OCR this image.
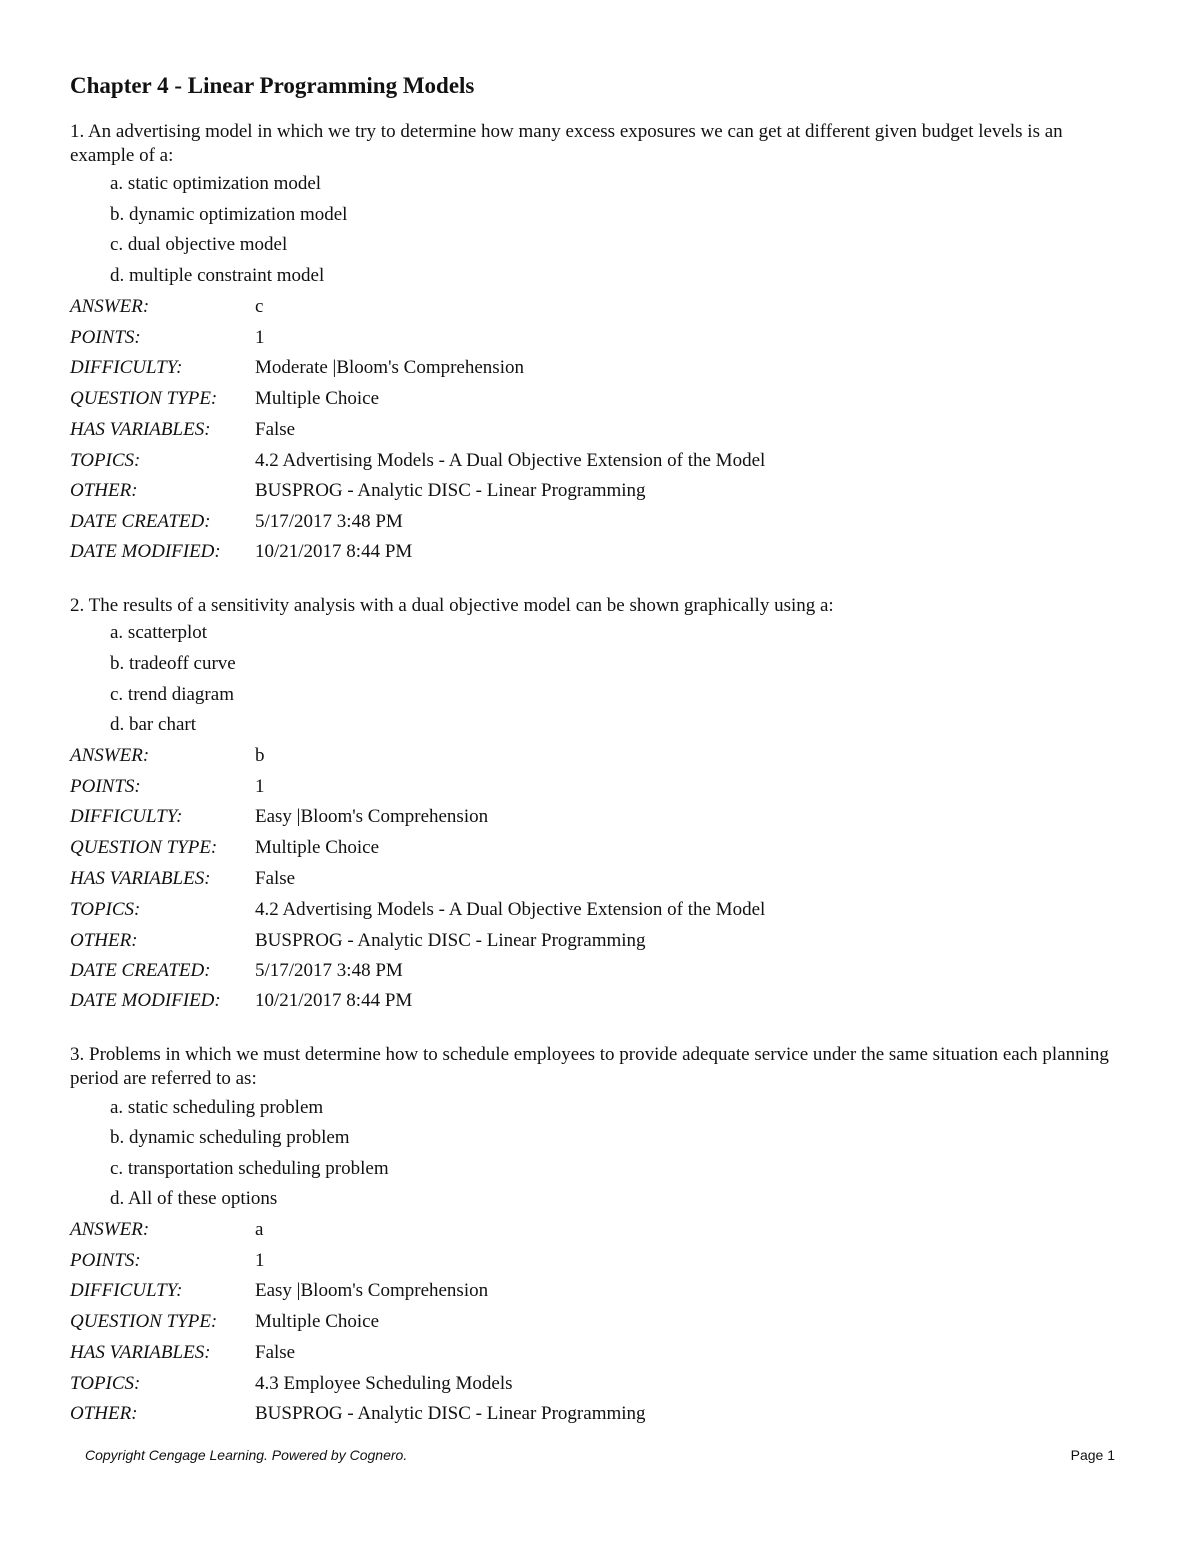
Chapter 4 - Linear Programming Models

1. An advertising model in which we try to determine how many excess exposures we can get at different given budget levels is an example of a:

a. static optimization model
b. dynamic optimization model
c. dual objective model
d. multiple constraint model
ANSWER:	c
POINTS:	1
DIFFICULTY:	Moderate |Bloom's Comprehension
QUESTION TYPE: Multiple Choice
HAS VARIABLES: False
TOPICS:	4.2 Advertising Models - A Dual Objective Extension of the Model
OTHER:	BUSPROG - Analytic DISC - Linear Programming
DATE CREATED: 5/17/2017 3:48 PM
DATE MODIFIED: 10/21/2017 8:44 PM

2. The results of a sensitivity analysis with a dual objective model can be shown graphically using a:

a. scatterplot
b. tradeoff curve
c. trend diagram
d. bar chart
ANSWER:	b
POINTS:	1
DIFFICULTY:	Easy |Bloom's Comprehension
QUESTION TYPE: Multiple Choice
HAS VARIABLES: False
TOPICS:	4.2 Advertising Models - A Dual Objective Extension of the Model
OTHER:	BUSPROG - Analytic DISC - Linear Programming
DATE CREATED: 5/17/2017 3:48 PM
DATE MODIFIED: 10/21/2017 8:44 PM

3. Problems in which we must determine how to schedule employees to provide adequate service under the same situation each planning period are referred to as:

a. static scheduling problem
b. dynamic scheduling problem
c. transportation scheduling problem
d. All of these options
ANSWER:	a
POINTS:	1
DIFFICULTY:	Easy |Bloom's Comprehension
QUESTION TYPE: Multiple Choice
HAS VARIABLES: False
TOPICS:	4.3 Employee Scheduling Models
OTHER:	BUSPROG - Analytic DISC - Linear Programming
Copyright Cengage Learning. Powered by Cognero.	Page 1
